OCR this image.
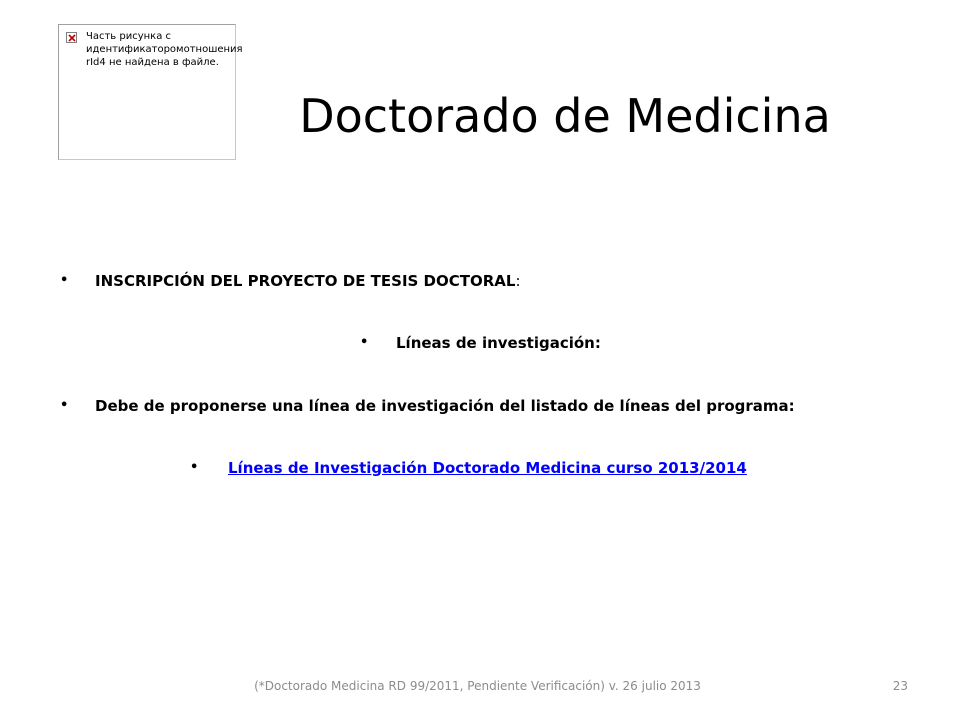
Часть рисунка с
идентификаторомотношения
rId4 не найдена в файле.
Doctorado de Medicina
• INSCRIPCIÓN DEL PROYECTO DE TESIS DOCTORAL:
• Líneas de investigación:
• Debe de proponerse una línea de investigación del listado de líneas del programa:
• Líneas de Investigación Doctorado Medicina curso 2013/2014
(*Doctorado Medicina RD 99/2011, Pendiente Verificación) v. 26 julio 2013	23
